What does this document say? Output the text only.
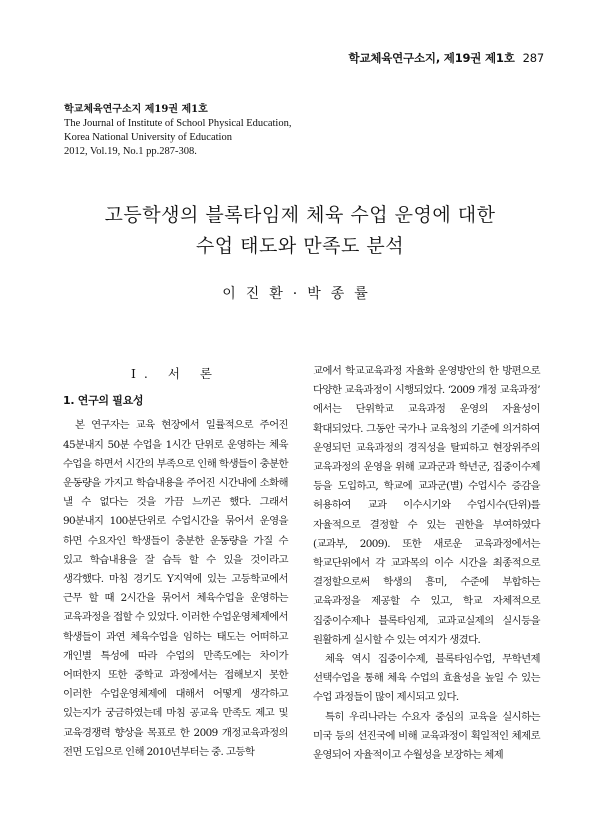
학교체육연구소지, 제19권 제1호 287
학교체육연구소지 제19권 제1호
The Journal of Institute of School Physical Education,
Korea National University of Education
2012, Vol.19, No.1 pp.287-308.
고등학생의 블록타임제 체육 수업 운영에 대한
수업 태도와 만족도 분석
이진환·박종률
Ⅰ. 서 론
1. 연구의 필요성

본 연구자는 교육 현장에서 일률적으로 주어진 45분내지 50분 수업을 1시간 단위로 운영하는 체육 수업을 하면서 시간의 부족으로 인해 학생들이 충분한 운동량을 가지고 학습내용을 주어진 시간내에 소화해 낼 수 없다는 것을 가끔 느끼곤 했다. 그래서 90분내지 100분단위로 수업시간을 묶어서 운영을 하면 수요자인 학생들이 충분한 운동량을 가질 수 있고 학습내용을 잘 습득 할 수 있을 것이라고 생각했다. 마침 경기도 Y지역에 있는 고등학교에서 근무 할 때 2시간을 묶어서 체육수업을 운영하는 교육과정을 접할 수 있었다. 이러한 수업운영체제에서 학생들이 과연 체육수업을 임하는 태도는 어떠하고 개인별 특성에 따라 수업의 만족도에는 차이가 어떠한지 또한 중학교 과정에서는 접해보지 못한 이러한 수업운영체제에 대해서 어떻게 생각하고 있는지가 궁금하였는데 마침 공교육 만족도 제고 및 교육경쟁력 향상을 목표로 한 2009 개정교육과정의 전면 도입으로 인해 2010년부터는 중. 고등학

교에서 학교교육과정 자율화 운영방안의 한 방편으로 다양한 교육과정이 시행되었다. ‘2009 개정 교육과정’ 에서는 단위학교 교육과정 운영의 자율성이 확대되었다. 그동안 국가나 교육청의 기준에 의거하여 운영되던 교육과정의 경직성을 탈피하고 현장위주의 교육과정의 운영을 위해 교과군과 학년군, 집중이수제 등을 도입하고, 학교에 교과군(별) 수업시수 증감을 허용하여 교과 이수시기와 수업시수(단위)를 자율적으로 결정할 수 있는 권한을 부여하였다(교과부, 2009). 또한 새로운 교육과정에서는 학교단위에서 각 교과목의 이수 시간을 최종적으로 결정할으로써 학생의 흥미, 수준에 부합하는 교육과정을 제공할 수 있고, 학교 자체적으로 집중이수제나 블록타임제, 교과교실제의 실시등을 원활하게 실시할 수 있는 여지가 생겼다.

체육 역시 집중이수제, 블록타임수업, 무학년제 선택수업을 통해 체육 수업의 효율성을 높일 수 있는 수업 과정들이 많이 제시되고 있다.

특히 우리나라는 수요자 중심의 교육을 실시하는 미국 등의 선진국에 비해 교육과정이 획일적인 체제로 운영되어 자율적이고 수월성을 보장하는 체제
